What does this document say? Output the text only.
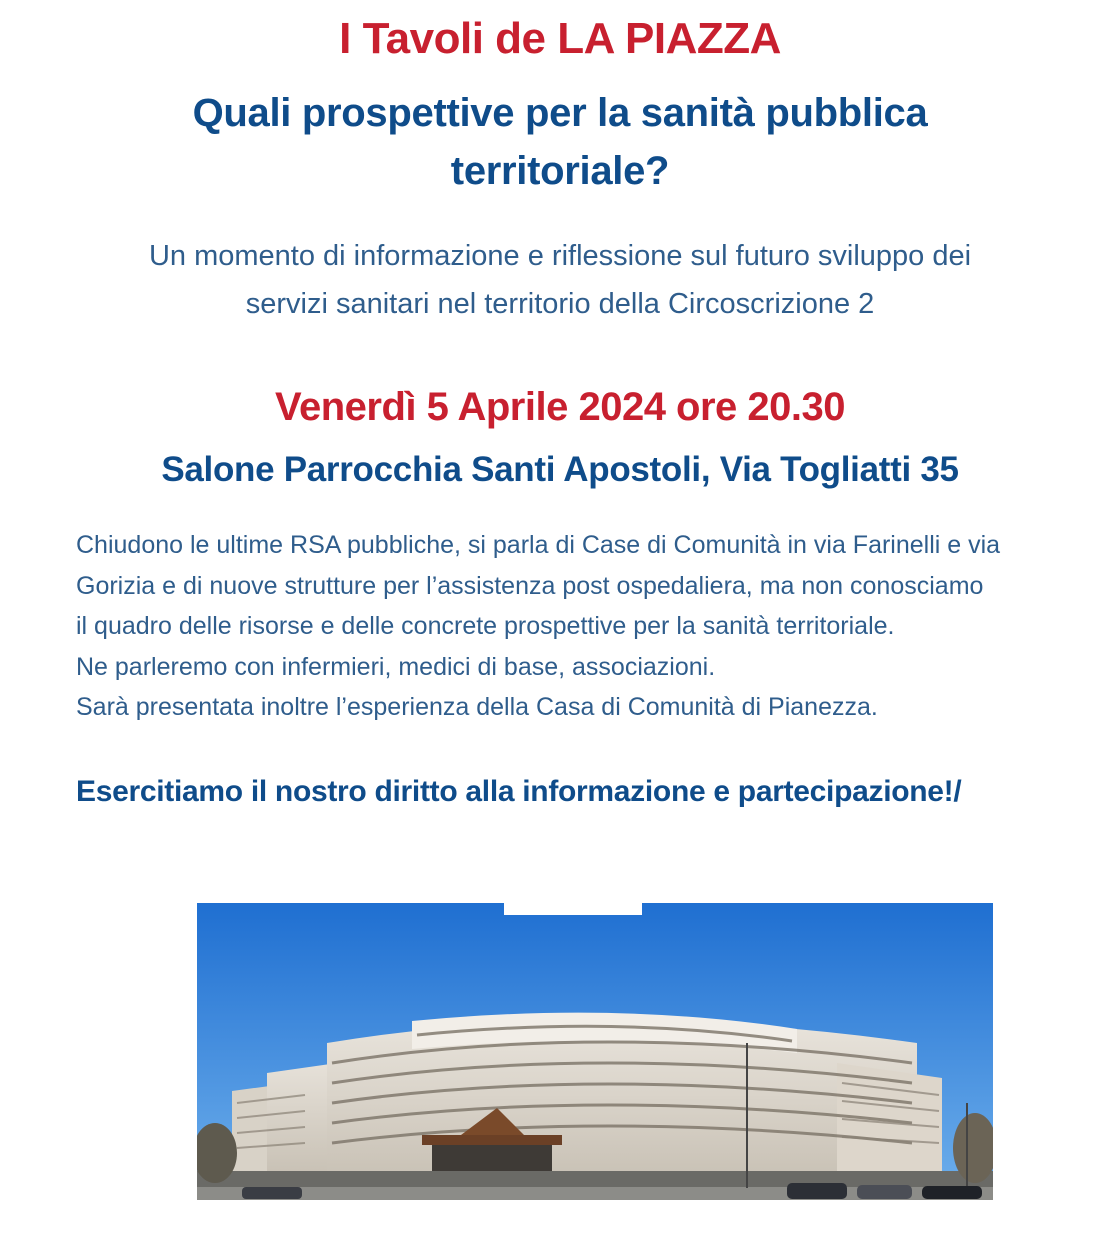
I Tavoli de LA PIAZZA
Quali prospettive per la sanità pubblica
territoriale?
Un momento di informazione e riflessione sul futuro sviluppo dei
servizi sanitari nel territorio della Circoscrizione 2
Venerdì 5 Aprile 2024 ore 20.30
Salone Parrocchia Santi Apostoli, Via Togliatti 35

Chiudono le ultime RSA pubbliche, si parla di Case di Comunità in via Farinelli e via

Gorizia e di nuove strutture per l’assistenza post ospedaliera, ma non conosciamo

il quadro delle risorse e delle concrete prospettive per la sanità territoriale.

Ne parleremo con infermieri, medici di base, associazioni.

Sarà presentata inoltre l’esperienza della Casa di Comunità di Pianezza.

Esercitiamo il nostro diritto alla informazione e partecipazione!/
